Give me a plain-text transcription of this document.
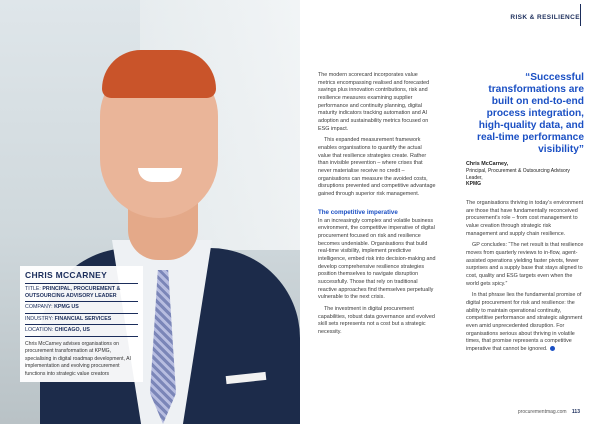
CHRIS MCCARNEY
TITLE: PRINCIPAL, PROCUREMENT & OUTSOURCING ADVISORY LEADER
COMPANY: KPMG US
INDUSTRY: FINANCIAL SERVICES
LOCATION: CHICAGO, US
Chris McCarney advises organisations on procurement transformation at KPMG, specialising in digital roadmap development, AI implementation and evolving procurement functions into strategic value creators
RISK & RESILIENCE

The modern scorecard incorporates value metrics encompassing realised and forecasted savings plus innovation contributions, risk and resilience measures examining supplier performance and continuity planning, digital maturity indicators tracking automation and AI adoption and sustainability metrics focused on ESG impact.

This expanded measurement framework enables organisations to quantify the actual value that resilience strategies create. Rather than invisible prevention – where crises that never materialise receive no credit – organisations can measure the avoided costs, disruptions prevented and competitive advantage gained through superior risk management.

The competitive imperative

In an increasingly complex and volatile business environment, the competitive imperative of digital procurement focused on risk and resilience becomes undeniable. Organisations that build real-time visibility, implement predictive intelligence, embed risk into decision-making and develop comprehensive resilience strategies position themselves to navigate disruption successfully. Those that rely on traditional reactive approaches find themselves perpetually vulnerable to the next crisis.

The investment in digital procurement capabilities, robust data governance and evolved skill sets represents not a cost but a strategic necessity.

“Successful transformations are built on end-to-end process integration, high-quality data, and real-time performance visibility”
Chris McCarney,
Principal, Procurement & Outsourcing Advisory Leader,
KPMG

The organisations thriving in today’s environment are those that have fundamentally reconceived procurement’s role – from cost management to value creation through strategic risk management and supply chain resilience.

GP concludes: “The net result is that resilience moves from quarterly reviews to in-flow, agent-assisted operations yielding faster pivots, fewer surprises and a supply base that stays aligned to cost, quality and ESG targets even when the world gets spicy.”

In that phrase lies the fundamental promise of digital procurement for risk and resilience: the ability to maintain operational continuity, competitive performance and strategic alignment even amid unprecedented disruption. For organisations serious about thriving in volatile times, that promise represents a competitive imperative that cannot be ignored.

procurementmag.com 113
